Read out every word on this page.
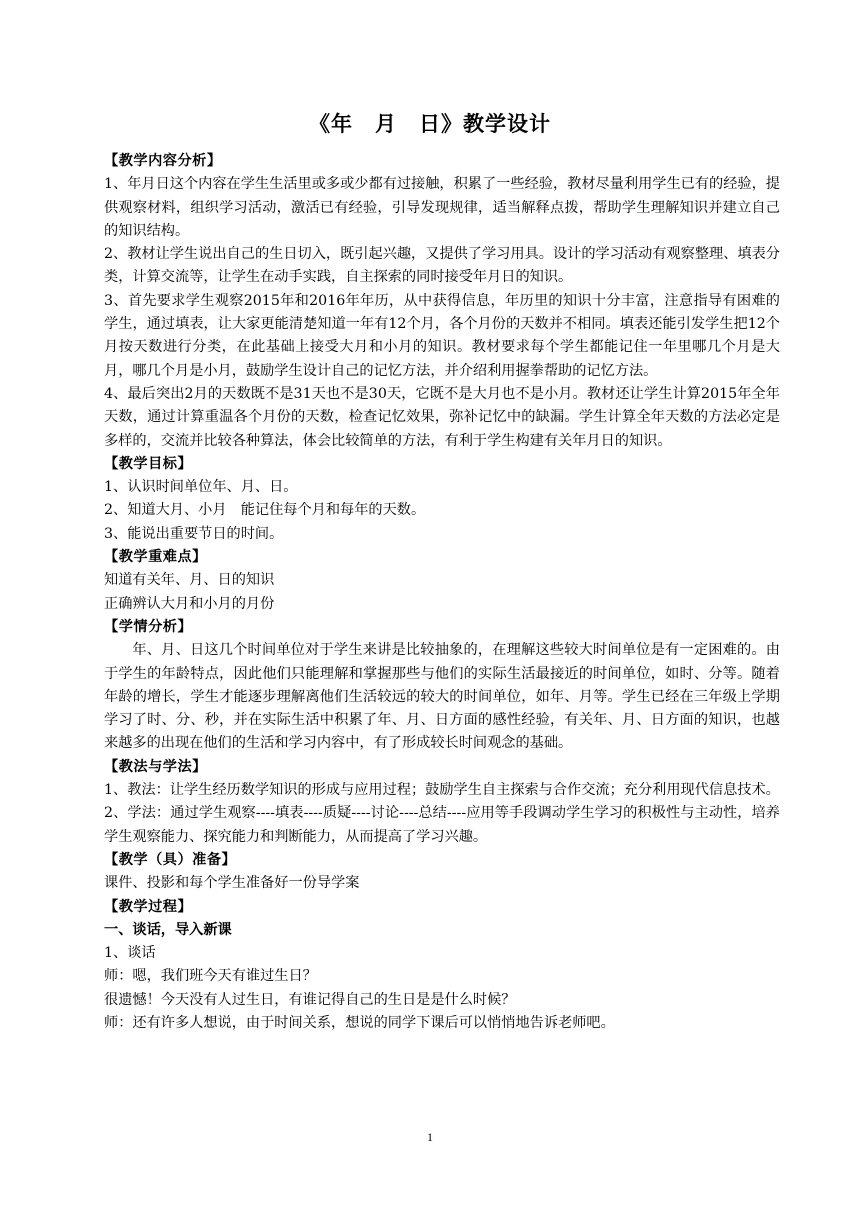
《年　月　日》教学设计

【教学内容分析】

1、年月日这个内容在学生生活里或多或少都有过接触，积累了一些经验，教材尽量利用学生已有的经验，提供观察材料，组织学习活动，激活已有经验，引导发现规律，适当解释点拨，帮助学生理解知识并建立自己的知识结构。

2、教材让学生说出自己的生日切入，既引起兴趣，又提供了学习用具。设计的学习活动有观察整理、填表分类，计算交流等，让学生在动手实践，自主探索的同时接受年月日的知识。

3、首先要求学生观察2015年和2016年年历，从中获得信息，年历里的知识十分丰富，注意指导有困难的学生，通过填表，让大家更能清楚知道一年有12个月，各个月份的天数并不相同。填表还能引发学生把12个月按天数进行分类，在此基础上接受大月和小月的知识。教材要求每个学生都能记住一年里哪几个月是大月，哪几个月是小月，鼓励学生设计自己的记忆方法，并介绍利用握拳帮助的记忆方法。

4、最后突出2月的天数既不是31天也不是30天，它既不是大月也不是小月。教材还让学生计算2015年全年天数，通过计算重温各个月份的天数，检查记忆效果，弥补记忆中的缺漏。学生计算全年天数的方法必定是多样的，交流并比较各种算法，体会比较简单的方法，有利于学生构建有关年月日的知识。

【教学目标】

1、认识时间单位年、月、日。

2、知道大月、小月　能记住每个月和每年的天数。

3、能说出重要节日的时间。

【教学重难点】

知道有关年、月、日的知识

正确辨认大月和小月的月份

【学情分析】

年、月、日这几个时间单位对于学生来讲是比较抽象的，在理解这些较大时间单位是有一定困难的。由于学生的年龄特点，因此他们只能理解和掌握那些与他们的实际生活最接近的时间单位，如时、分等。随着年龄的增长，学生才能逐步理解离他们生活较远的较大的时间单位，如年、月等。学生已经在三年级上学期学习了时、分、秒，并在实际生活中积累了年、月、日方面的感性经验，有关年、月、日方面的知识，也越来越多的出现在他们的生活和学习内容中，有了形成较长时间观念的基础。

【教法与学法】

1、教法：让学生经历数学知识的形成与应用过程；鼓励学生自主探索与合作交流；充分利用现代信息技术。

2、学法：通过学生观察----填表----质疑----讨论----总结----应用等手段调动学生学习的积极性与主动性，培养学生观察能力、探究能力和判断能力，从而提高了学习兴趣。

【教学（具）准备】

课件、投影和每个学生准备好一份导学案

【教学过程】

一、谈话，导入新课

1、谈话

师：嗯，我们班今天有谁过生日？

很遗憾！今天没有人过生日，有谁记得自己的生日是是什么时候？

师：还有许多人想说，由于时间关系，想说的同学下课后可以悄悄地告诉老师吧。

1
